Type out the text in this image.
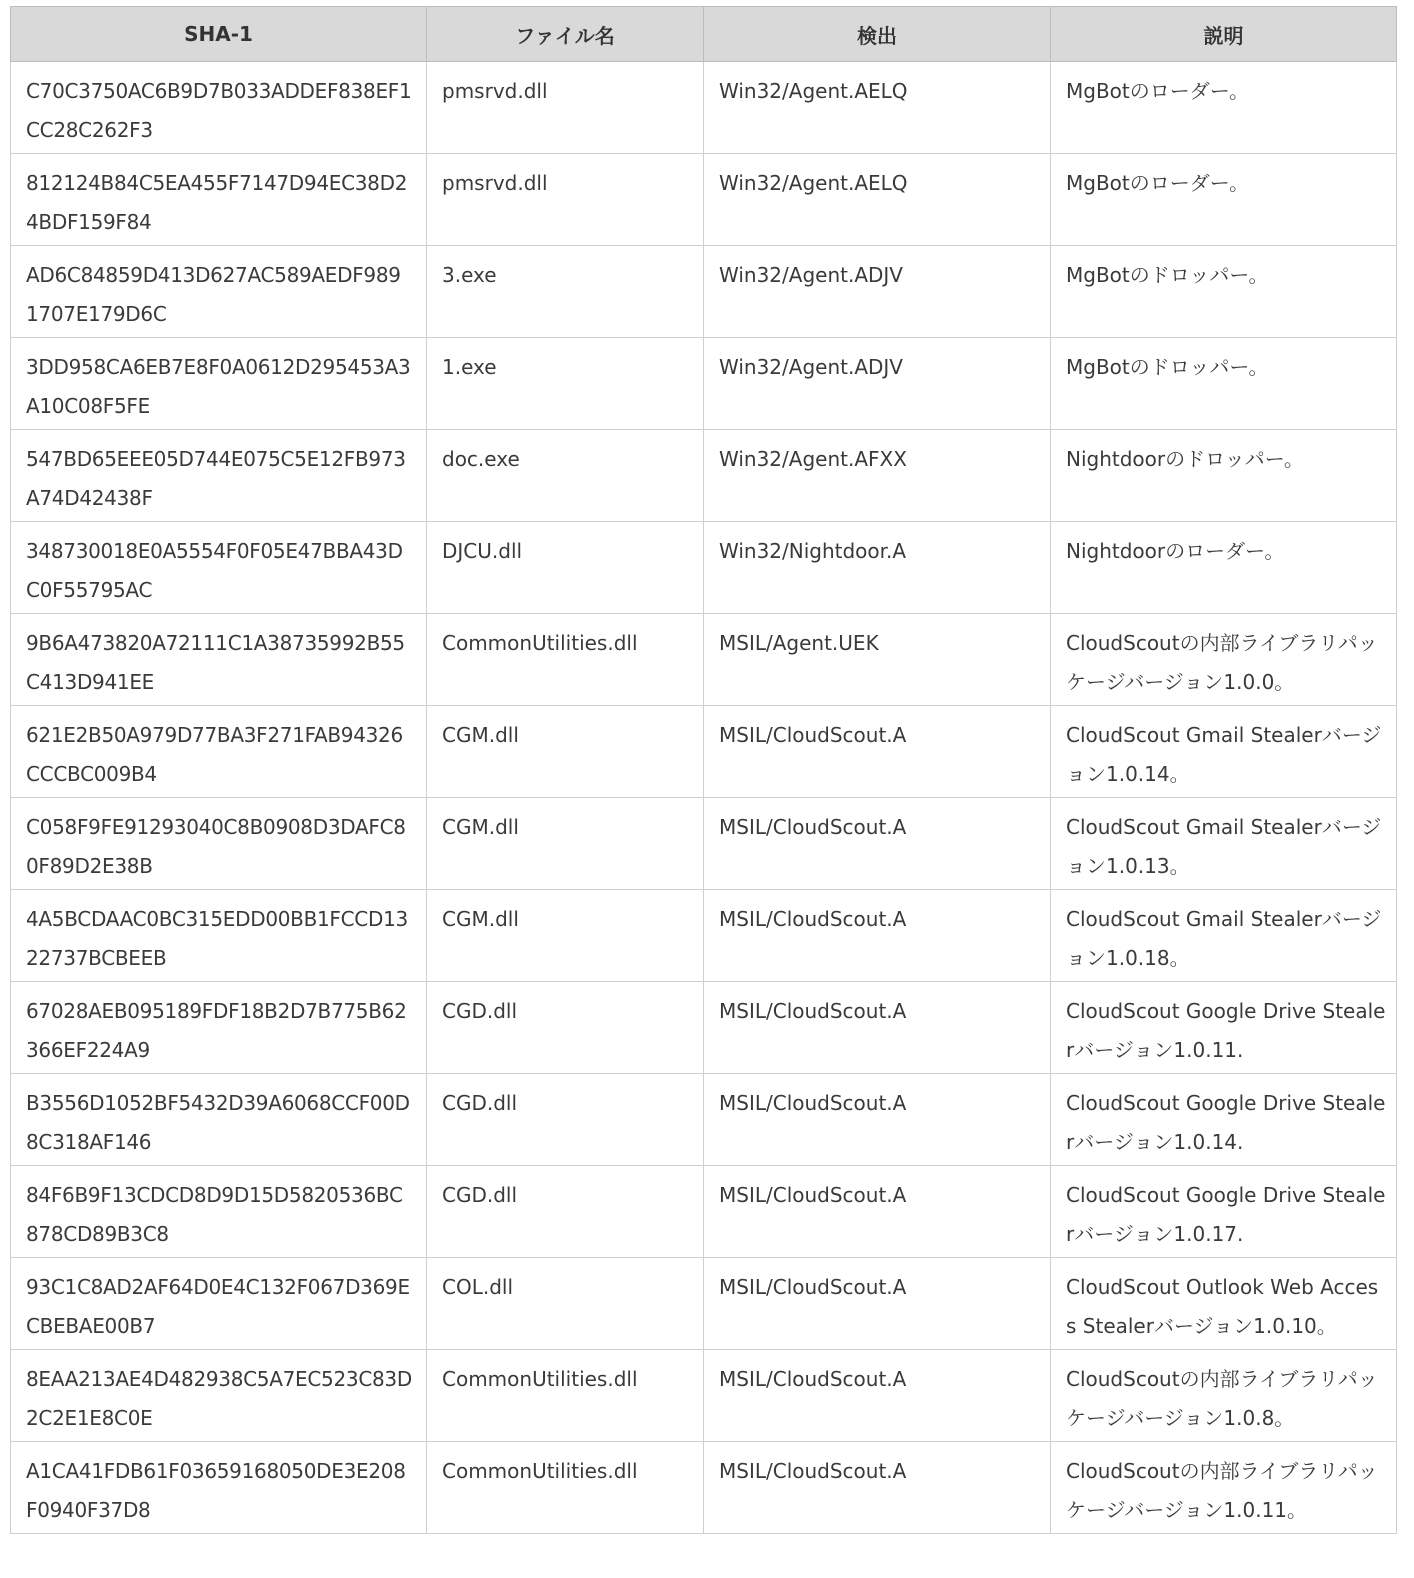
SHA-1	ファイル名	検出	説明
C70C3750AC6B9D7B033ADDEF838EF1CC28C262F3	pmsrvd.dll	Win32/Agent.AELQ	MgBotのローダー。
812124B84C5EA455F7147D94EC38D24BDF159F84	pmsrvd.dll	Win32/Agent.AELQ	MgBotのローダー。
AD6C84859D413D627AC589AEDF9891707E179D6C	3.exe	Win32/Agent.ADJV	MgBotのドロッパー。
3DD958CA6EB7E8F0A0612D295453A3A10C08F5FE	1.exe	Win32/Agent.ADJV	MgBotのドロッパー。
547BD65EEE05D744E075C5E12FB973A74D42438F	doc.exe	Win32/Agent.AFXX	Nightdoorのドロッパー。
348730018E0A5554F0F05E47BBA43DC0F55795AC	DJCU.dll	Win32/Nightdoor.A	Nightdoorのローダー。
9B6A473820A72111C1A38735992B55C413D941EE	CommonUtilities.dll	MSIL/Agent.UEK	CloudScoutの内部ライブラリパッケージバージョン1.0.0。
621E2B50A979D77BA3F271FAB94326CCCBC009B4	CGM.dll	MSIL/CloudScout.A	CloudScout Gmail Stealerバージョン1.0.14。
C058F9FE91293040C8B0908D3DAFC80F89D2E38B	CGM.dll	MSIL/CloudScout.A	CloudScout Gmail Stealerバージョン1.0.13。
4A5BCDAAC0BC315EDD00BB1FCCD1322737BCBEEB	CGM.dll	MSIL/CloudScout.A	CloudScout Gmail Stealerバージョン1.0.18。
67028AEB095189FDF18B2D7B775B62366EF224A9	CGD.dll	MSIL/CloudScout.A	CloudScout Google Drive Stealerバージョン1.0.11.
B3556D1052BF5432D39A6068CCF00D8C318AF146	CGD.dll	MSIL/CloudScout.A	CloudScout Google Drive Stealerバージョン1.0.14.
84F6B9F13CDCD8D9D15D5820536BC878CD89B3C8	CGD.dll	MSIL/CloudScout.A	CloudScout Google Drive Stealerバージョン1.0.17.
93C1C8AD2AF64D0E4C132F067D369ECBEBAE00B7	COL.dll	MSIL/CloudScout.A	CloudScout Outlook Web Access Stealerバージョン1.0.10。
8EAA213AE4D482938C5A7EC523C83D2C2E1E8C0E	CommonUtilities.dll	MSIL/CloudScout.A	CloudScoutの内部ライブラリパッケージバージョン1.0.8。
A1CA41FDB61F03659168050DE3E208F0940F37D8	CommonUtilities.dll	MSIL/CloudScout.A	CloudScoutの内部ライブラリパッケージバージョン1.0.11。
